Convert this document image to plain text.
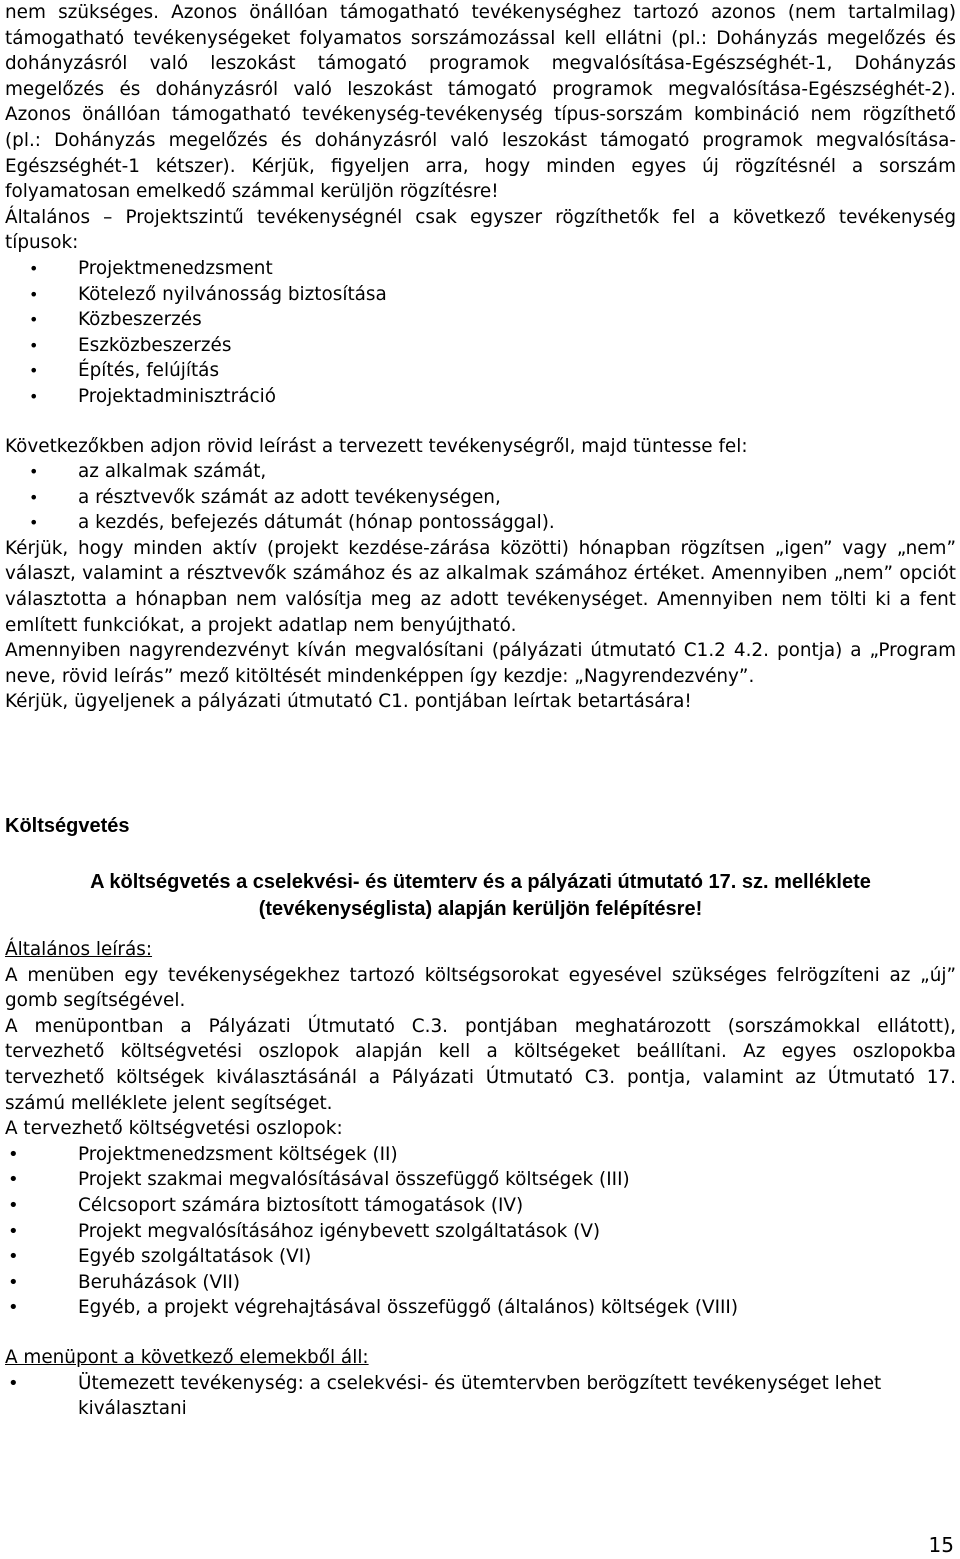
nem szükséges. Azonos önállóan támogatható tevékenységhez tartozó azonos (nem tartalmilag) támogatható tevékenységeket folyamatos sorszámozással kell ellátni (pl.: Dohányzás megelőzés és dohányzásról való leszokást támogató programok megvalósítása-Egészséghét-1, Dohányzás megelőzés és dohányzásról való leszokást támogató programok megvalósítása-Egészséghét-2). Azonos önállóan támogatható tevékenység-tevékenység típus-sorszám kombináció nem rögzíthető (pl.: Dohányzás megelőzés és dohányzásról való leszokást támogató programok megvalósítása-Egészséghét-1 kétszer). Kérjük, figyeljen arra, hogy minden egyes új rögzítésnél a sorszám folyamatosan emelkedő számmal kerüljön rögzítésre!

Általános – Projektszintű tevékenységnél csak egyszer rögzíthetők fel a következő tevékenység típusok:

• Projektmenedzsment
• Kötelező nyilvánosság biztosítása
• Közbeszerzés
• Eszközbeszerzés
• Építés, felújítás
• Projektadminisztráció

Következőkben adjon rövid leírást a tervezett tevékenységről, majd tüntesse fel:

• az alkalmak számát,
• a résztvevők számát az adott tevékenységen,
• a kezdés, befejezés dátumát (hónap pontossággal).

Kérjük, hogy minden aktív (projekt kezdése-zárása közötti) hónapban rögzítsen „igen” vagy „nem” választ, valamint a résztvevők számához és az alkalmak számához értéket. Amennyiben „nem” opciót választotta a hónapban nem valósítja meg az adott tevékenységet. Amennyiben nem tölti ki a fent említett funkciókat, a projekt adatlap nem benyújtható.

Amennyiben nagyrendezvényt kíván megvalósítani (pályázati útmutató C1.2 4.2. pontja) a „Program neve, rövid leírás” mező kitöltését mindenképpen így kezdje: „Nagyrendezvény”.

Kérjük, ügyeljenek a pályázati útmutató C1. pontjában leírtak betartására!

Költségvetés
A költségvetés a cselekvési- és ütemterv és a pályázati útmutató 17. sz. melléklete (tevékenységlista) alapján kerüljön felépítésre!

Általános leírás:

A menüben egy tevékenységekhez tartozó költségsorokat egyesével szükséges felrögzíteni az „új” gomb segítségével.

A menüpontban a Pályázati Útmutató C.3. pontjában meghatározott (sorszámokkal ellátott), tervezhető költségvetési oszlopok alapján kell a költségeket beállítani. Az egyes oszlopokba tervezhető költségek kiválasztásánál a Pályázati Útmutató C3. pontja, valamint az Útmutató 17. számú melléklete jelent segítséget.

A tervezhető költségvetési oszlopok:

• Projektmenedzsment költségek (II)
• Projekt szakmai megvalósításával összefüggő költségek (III)
• Célcsoport számára biztosított támogatások (IV)
• Projekt megvalósításához igénybevett szolgáltatások (V)
• Egyéb szolgáltatások (VI)
• Beruházások (VII)
• Egyéb, a projekt végrehajtásával összefüggő (általános) költségek (VIII)

A menüpont a következő elemekből áll:

• Ütemezett tevékenység: a cselekvési- és ütemtervben berögzített tevékenységet lehet kiválasztani
15
